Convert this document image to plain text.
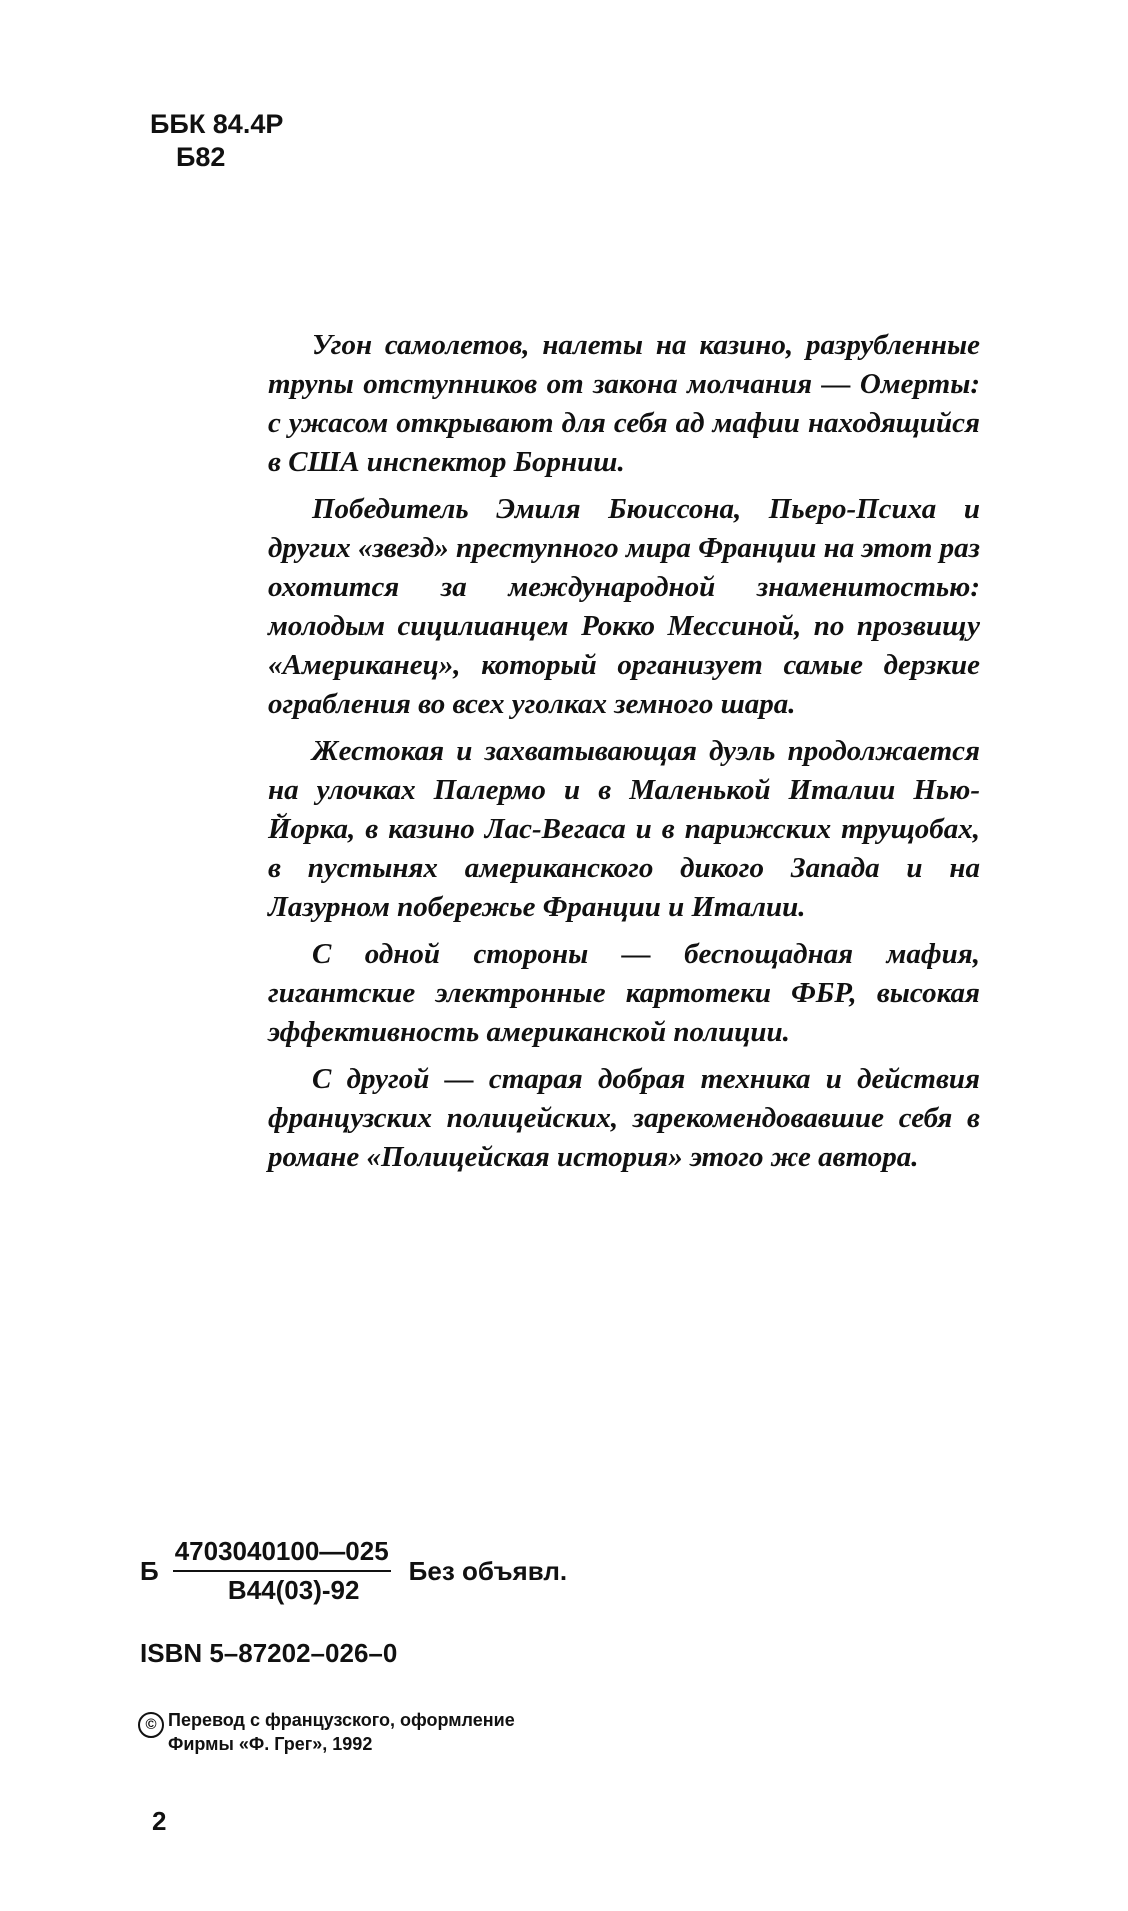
ББК 84.4Р
Б82

Угон самолетов, налеты на казино, разрубленные трупы отступников от закона молчания — Омерты: с ужасом открывают для себя ад мафии находящийся в США инспектор Борниш.

Победитель Эмиля Бюиссона, Пьеро-Психа и других «звезд» преступного мира Франции на этот раз охотится за международной знаменитостью: молодым сицилианцем Рокко Мессиной, по прозвищу «Американец», который организует самые дерзкие ограбления во всех уголках земного шара.

Жестокая и захватывающая дуэль продолжается на улочках Палермо и в Маленькой Италии Нью-Йорка, в казино Лас-Вегаса и в парижских трущобах, в пустынях американского дикого Запада и на Лазурном побережье Франции и Италии.

С одной стороны — беспощадная мафия, гигантские электронные картотеки ФБР, высокая эффективность американской полиции.

С другой — старая добрая техника и действия французских полицейских, зарекомендовавшие себя в романе «Полицейская история» этого же автора.

Б $\frac{4703040100—025}{В44(03)-92}$ Без объявл.
ISBN 5–87202–026–0
© Перевод с французского, оформление
Фирмы «Ф. Грег», 1992
2
